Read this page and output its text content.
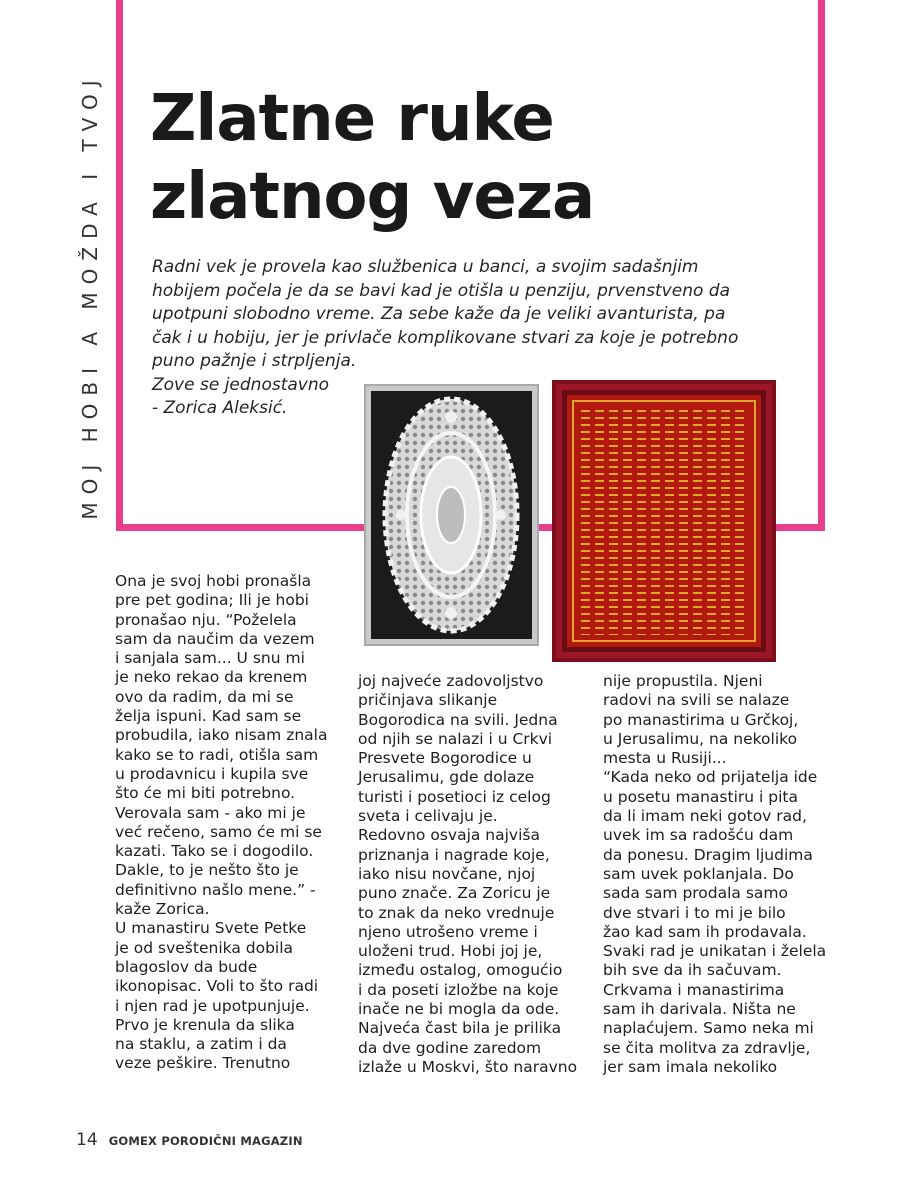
MOJ HOBI A MOŽDA I TVOJ Zlatne ruke
zlatnog veza

Radni vek je provela kao službenica u banci, a svojim sadašnjim
hobijem počela je da se bavi kad je otišla u penziju, prvenstveno da
upotpuni slobodno vreme. Za sebe kaže da je veliki avanturista, pa
čak i u hobiju, jer je privlače komplikovane stvari za koje je potrebno
puno pažnje i strpljenja.
Zove se jednostavno
- Zorica Aleksić.

Ona je svoj hobi pronašla
pre pet godina; Ili je hobi
pronašao nju. “Poželela
sam da naučim da vezem
i sanjala sam... U snu mi
je neko rekao da krenem
ovo da radim, da mi se
želja ispuni. Kad sam se
probudila, iako nisam znala
kako se to radi, otišla sam
u prodavnicu i kupila sve
što će mi biti potrebno.
Verovala sam - ako mi je
već rečeno, samo će mi se
kazati. Tako se i dogodilo.
Dakle, to je nešto što je
definitivno našlo mene.” -
kaže Zorica.
U manastiru Svete Petke
je od sveštenika dobila
blagoslov da bude
ikonopisac. Voli to što radi
i njen rad je upotpunjuje.
Prvo je krenula da slika
na staklu, a zatim i da
veze peškire. Trenutno

joj najveće zadovoljstvo
pričinjava slikanje
Bogorodica na svili. Jedna
od njih se nalazi i u Crkvi
Presvete Bogorodice u
Jerusalimu, gde dolaze
turisti i posetioci iz celog
sveta i celivaju je.
Redovno osvaja najviša
priznanja i nagrade koje,
iako nisu novčane, njoj
puno znače. Za Zoricu je
to znak da neko vrednuje
njeno utrošeno vreme i
uloženi trud. Hobi joj je,
između ostalog, omogućio
i da poseti izložbe na koje
inače ne bi mogla da ode.
Najveća čast bila je prilika
da dve godine zaredom
izlaže u Moskvi, što naravno

nije propustila. Njeni
radovi na svili se nalaze
po manastirima u Grčkoj,
u Jerusalimu, na nekoliko
mesta u Rusiji...
“Kada neko od prijatelja ide
u posetu manastiru i pita
da li imam neki gotov rad,
uvek im sa radošću dam
da ponesu. Dragim ljudima
sam uvek poklanjala. Do
sada sam prodala samo
dve stvari i to mi je bilo
žao kad sam ih prodavala.
Svaki rad je unikatan i želela
bih sve da ih sačuvam.
Crkvama i manastirima
sam ih darivala. Ništa ne
naplaćujem. Samo neka mi
se čita molitva za zdravlje,
jer sam imala nekoliko

14 GOMEX PORODIČNI MAGAZIN
